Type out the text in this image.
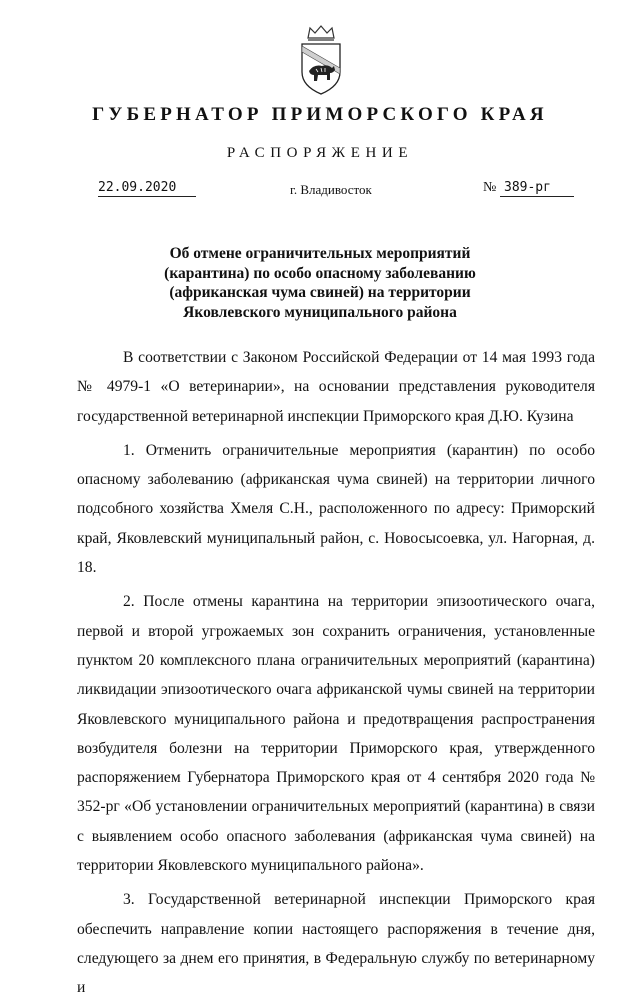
ГУБЕРНАТОР ПРИМОРСКОГО КРАЯ
РАСПОРЯЖЕНИЕ
22.09.2020	г. Владивосток	№ 389-рг
Об отмене ограничительных мероприятий
(карантина) по особо опасному заболеванию
(африканская чума свиней) на территории
Яковлевского муниципального района

В соответствии с Законом Российской Федерации от 14 мая 1993 года № 4979-1 «О ветеринарии», на основании представления руководителя государственной ветеринарной инспекции Приморского края Д.Ю. Кузина

1. Отменить ограничительные мероприятия (карантин) по особо опасному заболеванию (африканская чума свиней) на территории личного подсобного хозяйства Хмеля С.Н., расположенного по адресу: Приморский край, Яковлевский муниципальный район, с. Новосысоевка, ул. Нагорная, д. 18.

2. После отмены карантина на территории эпизоотического очага, первой и второй угрожаемых зон сохранить ограничения, установленные пунктом 20 комплексного плана ограничительных мероприятий (карантина) ликвидации эпизоотического очага африканской чумы свиней на территории Яковлевского муниципального района и предотвращения распространения возбудителя болезни на территории Приморского края, утвержденного распоряжением Губернатора Приморского края от 4 сентября 2020 года № 352-рг «Об установлении ограничительных мероприятий (карантина) в связи с выявлением особо опасного заболевания (африканская чума свиней) на территории Яковлевского муниципального района».

3. Государственной ветеринарной инспекции Приморского края обеспечить направление копии настоящего распоряжения в течение дня, следующего за днем его принятия, в Федеральную службу по ветеринарному и
